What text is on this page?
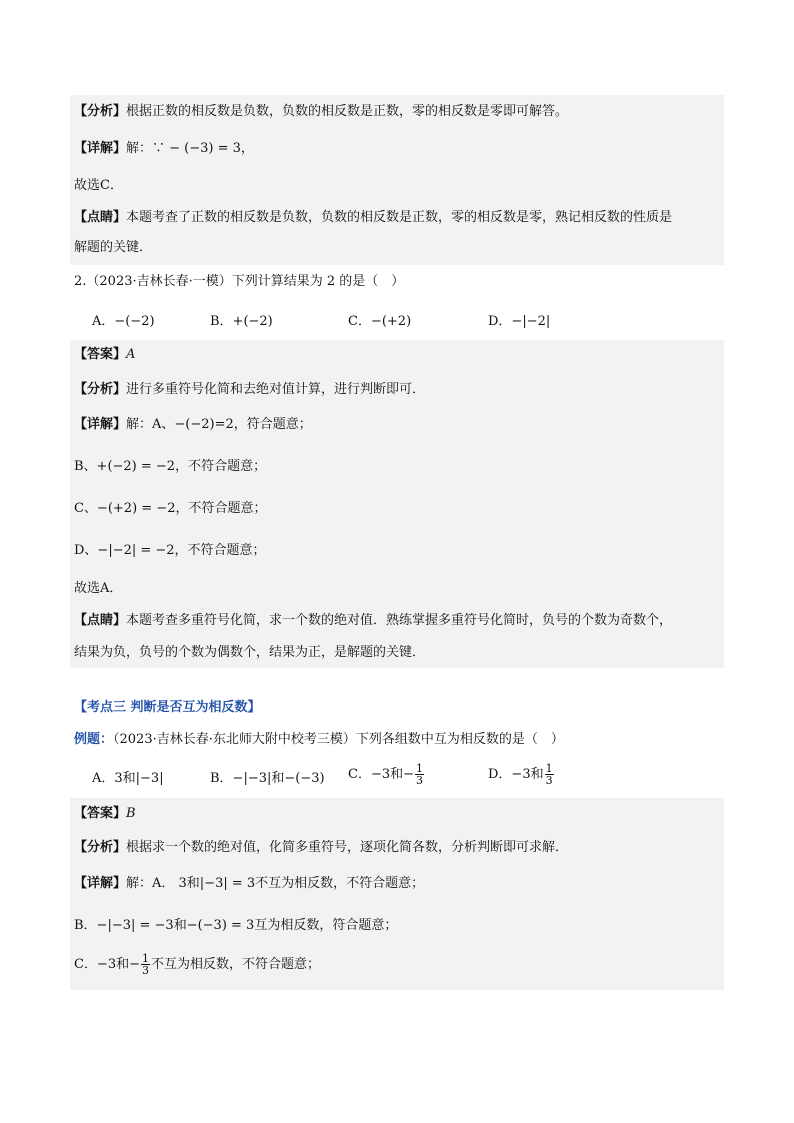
【分析】根据正数的相反数是负数，负数的相反数是正数，零的相反数是零即可解答。
【详解】解：∵ − (−3) = 3，
故选C．
【点睛】本题考查了正数的相反数是负数，负数的相反数是正数，零的相反数是零，熟记相反数的性质是
解题的关键．
2.（2023·吉林长春·一模）下列计算结果为 2 的是（　）
A．−(−2)	B．+(−2)	C．−(+2)	D．−|−2|
【答案】A
【分析】进行多重符号化简和去绝对值计算，进行判断即可．
【详解】解：A、−(−2)=2，符合题意；
B、+(−2) = −2，不符合题意；
C、−(+2) = −2，不符合题意；
D、−|−2| = −2，不符合题意；
故选A．
【点睛】本题考查多重符号化简，求一个数的绝对值．熟练掌握多重符号化简时，负号的个数为奇数个，
结果为负，负号的个数为偶数个，结果为正，是解题的关键．
【考点三 判断是否互为相反数】
例题：（2023·吉林长春·东北师大附中校考三模）下列各组数中互为相反数的是（　）
A．3和|−3|	B．−|−3|和−(−3) C．−3和− $\frac{1}{3}$	D．−3和 $\frac{1}{3}$
【答案】B
【分析】根据求一个数的绝对值，化简多重符号，逐项化简各数，分析判断即可求解．
【详解】解：A． 3和|−3| = 3不互为相反数，不符合题意；
B．−|−3| = −3和−(−3) = 3互为相反数，符合题意；
C．−3和− $\frac{1}{3}$ 不互为相反数，不符合题意；
